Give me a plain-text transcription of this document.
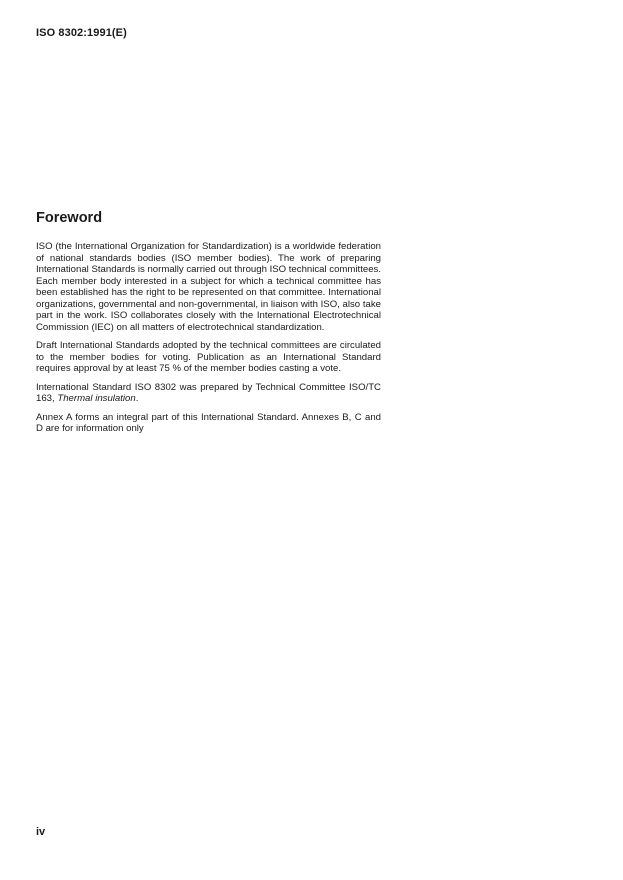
ISO 8302:1991(E)
Foreword

ISO (the International Organization for Standardization) is a worldwide federation of national standards bodies (ISO member bodies). The work of preparing International Standards is normally carried out through ISO technical committees. Each member body interested in a subject for which a technical committee has been established has the right to be represented on that committee. International organizations, governmental and non-governmental, in liaison with ISO, also take part in the work. ISO collaborates closely with the International Electrotechnical Commission (IEC) on all matters of electrotechnical standardization.

Draft International Standards adopted by the technical committees are circulated to the member bodies for voting. Publication as an International Standard requires approval by at least 75 % of the member bodies casting a vote.

International Standard ISO 8302 was prepared by Technical Committee ISO/TC 163, Thermal insulation.

Annex A forms an integral part of this International Standard. Annexes B, C and D are for information only

iv
